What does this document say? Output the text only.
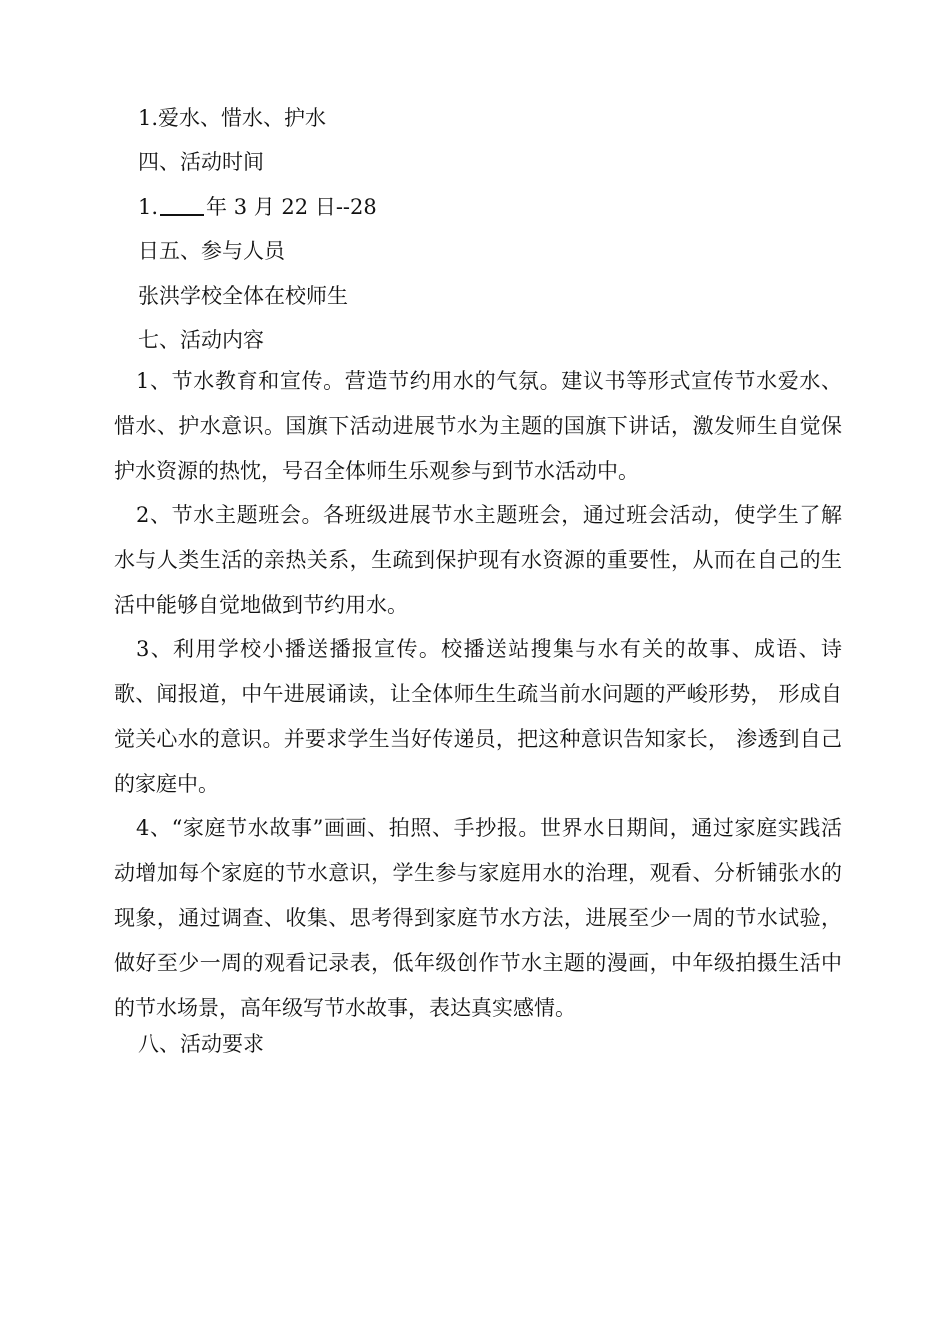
1.爱水、惜水、护水
四、活动时间
1. 年 3 月 22 日--28
日五、参与人员
张洪学校全体在校师生
七、活动内容
1、节水教育和宣传。营造节约用水的气氛。建议书等形式宣传节水爱水、惜水、护水意识。国旗下活动进展节水为主题的国旗下讲话，激发师生自觉保护水资源的热忱，号召全体师生乐观参与到节水活动中。
2、节水主题班会。各班级进展节水主题班会，通过班会活动，使学生了解水与人类生活的亲热关系，生疏到保护现有水资源的重要性，从而在自己的生活中能够自觉地做到节约用水。
3、利用学校小播送播报宣传。校播送站搜集与水有关的故事、成语、诗歌、闻报道，中午进展诵读，让全体师生生疏当前水问题的严峻形势， 形成自觉关心水的意识。并要求学生当好传递员，把这种意识告知家长， 渗透到自己的家庭中。
4、“家庭节水故事”画画、拍照、手抄报。世界水日期间，通过家庭实践活动增加每个家庭的节水意识，学生参与家庭用水的治理，观看、分析铺张水的现象，通过调查、收集、思考得到家庭节水方法，进展至少一周的节水试验，做好至少一周的观看记录表，低年级创作节水主题的漫画，中年级拍摄生活中的节水场景，高年级写节水故事，表达真实感情。
八、活动要求
